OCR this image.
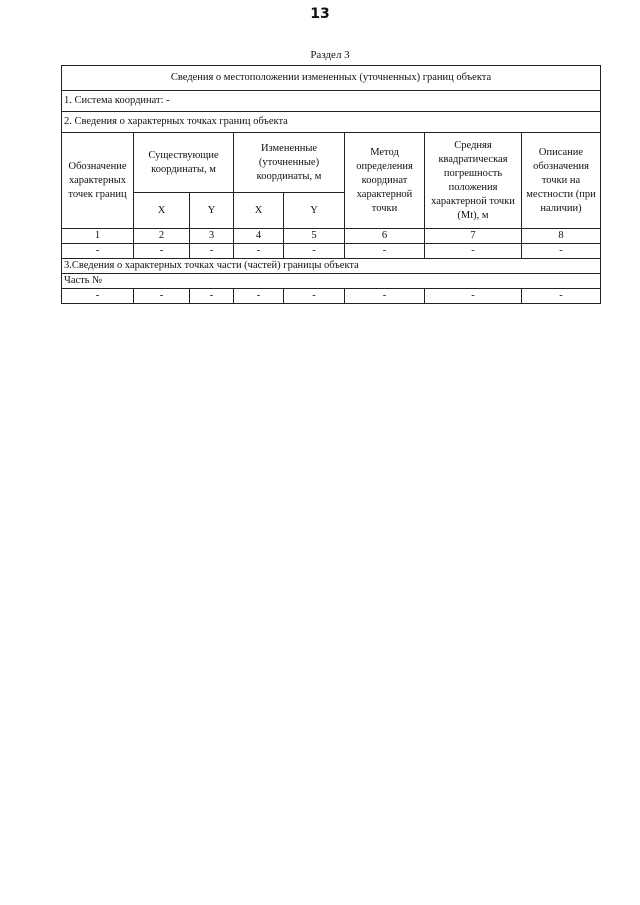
13
Раздел 3
Сведения о местоположении измененных (уточненных) границ объекта							
1. Система координат: -							
2. Сведения о характерных точках границ объекта							
Обозначение характерных точек границ	Существующие координаты, м		Измененные (уточненные) координаты, м		Метод определения координат характерной точки	Средняя квадратическая погрешность положения характерной точки (Mt), м	Описание обозначения точки на местности (при наличии)
	X	Y	X	Y			
1	2	3	4	5	6	7	8
-	-	-	-	-	-	-	-
3.Сведения о характерных точках части (частей) границы объекта							
Часть №							
-	-	-	-	-	-	-	-
